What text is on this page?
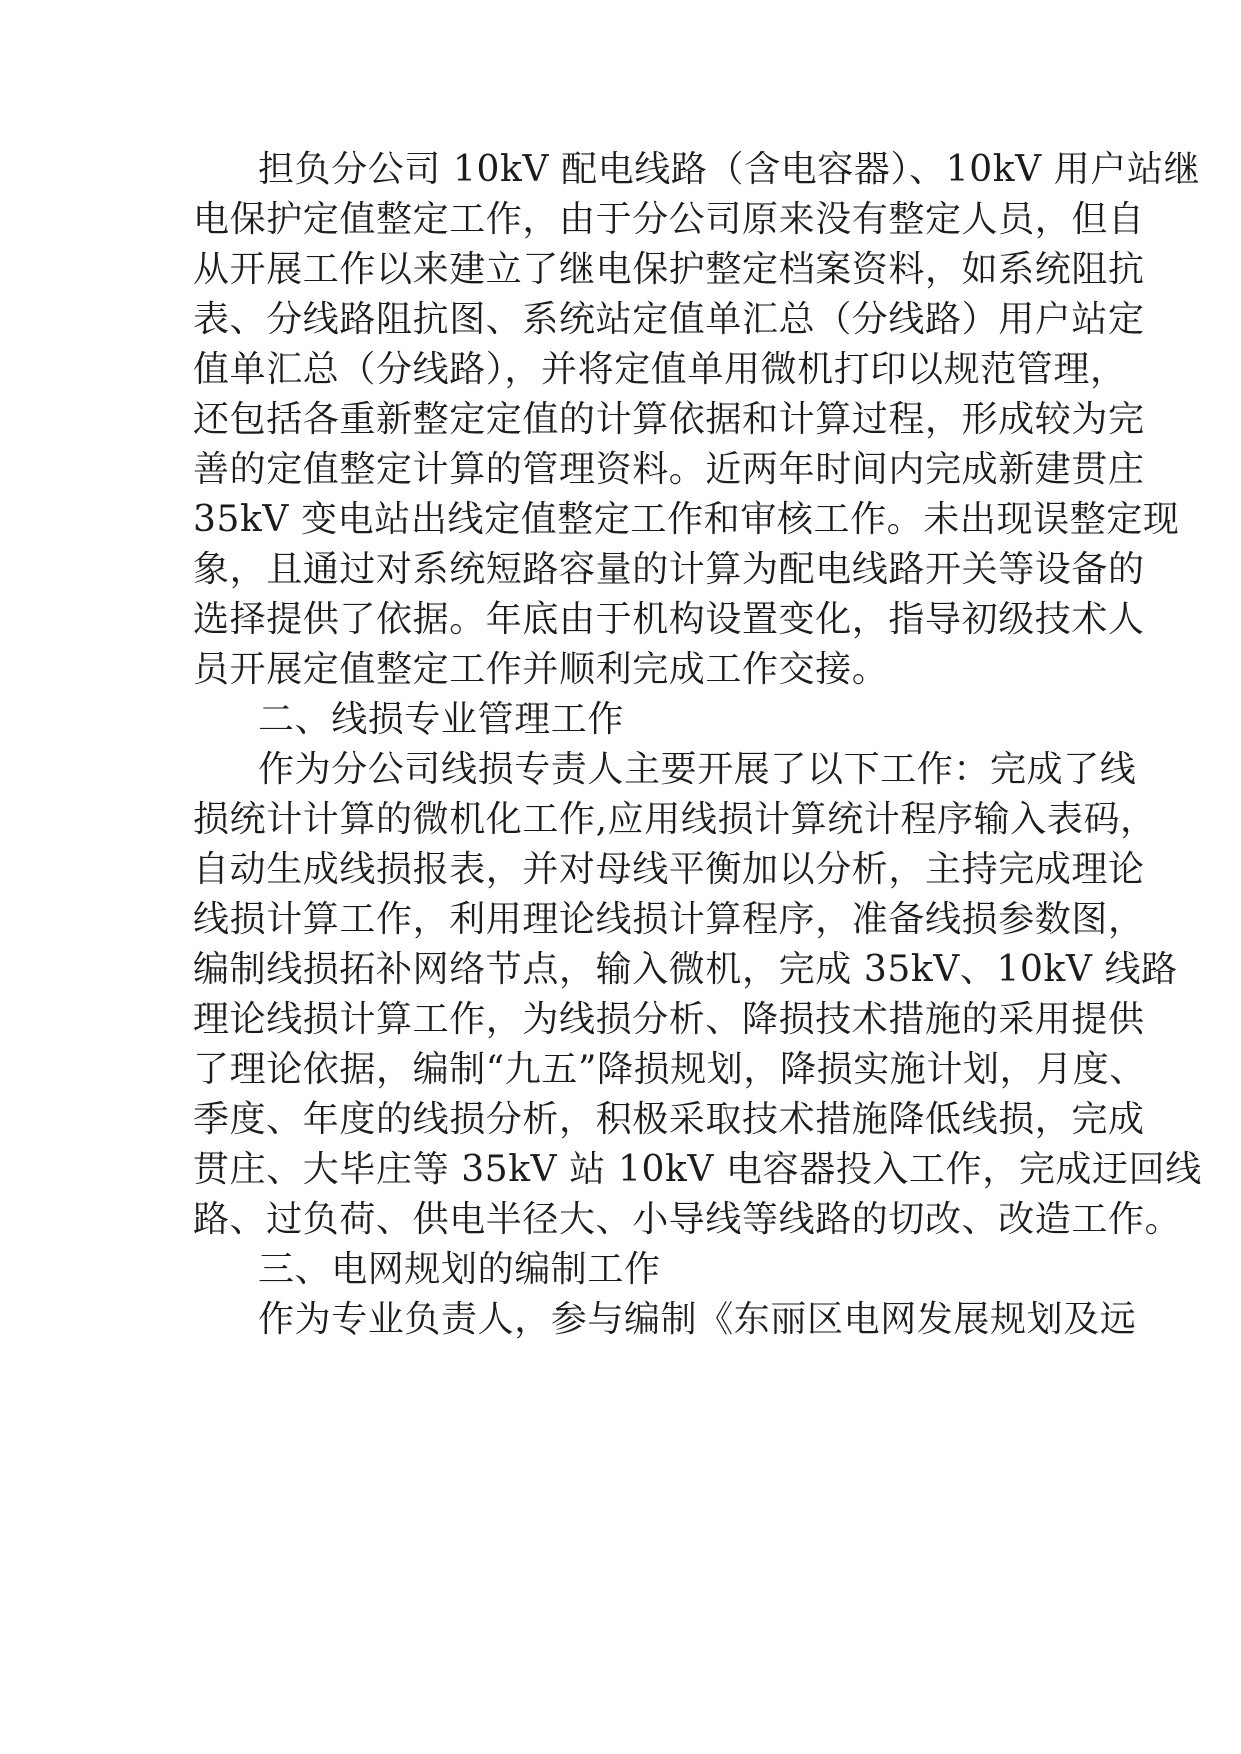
担负分公司 10kV 配电线路（含电容器）、10kV 用户站继
电保护定值整定工作，由于分公司原来没有整定人员，但自
从开展工作以来建立了继电保护整定档案资料，如系统阻抗
表、分线路阻抗图、系统站定值单汇总（分线路）用户站定
值单汇总（分线路），并将定值单用微机打印以规范管理，
还包括各重新整定定值的计算依据和计算过程，形成较为完
善的定值整定计算的管理资料。近两年时间内完成新建贯庄
35kV 变电站出线定值整定工作和审核工作。未出现误整定现
象，且通过对系统短路容量的计算为配电线路开关等设备的
选择提供了依据。年底由于机构设置变化，指导初级技术人
员开展定值整定工作并顺利完成工作交接。
二、线损专业管理工作
作为分公司线损专责人主要开展了以下工作：完成了线
损统计计算的微机化工作,应用线损计算统计程序输入表码，
自动生成线损报表，并对母线平衡加以分析，主持完成理论
线损计算工作，利用理论线损计算程序，准备线损参数图，
编制线损拓补网络节点，输入微机，完成 35kV、10kV 线路
理论线损计算工作，为线损分析、降损技术措施的采用提供
了理论依据，编制“九五”降损规划，降损实施计划，月度、
季度、年度的线损分析，积极采取技术措施降低线损，完成
贯庄、大毕庄等 35kV 站 10kV 电容器投入工作，完成迂回线
路、过负荷、供电半径大、小导线等线路的切改、改造工作。
三、电网规划的编制工作
作为专业负责人，参与编制《东丽区电网发展规划及远
